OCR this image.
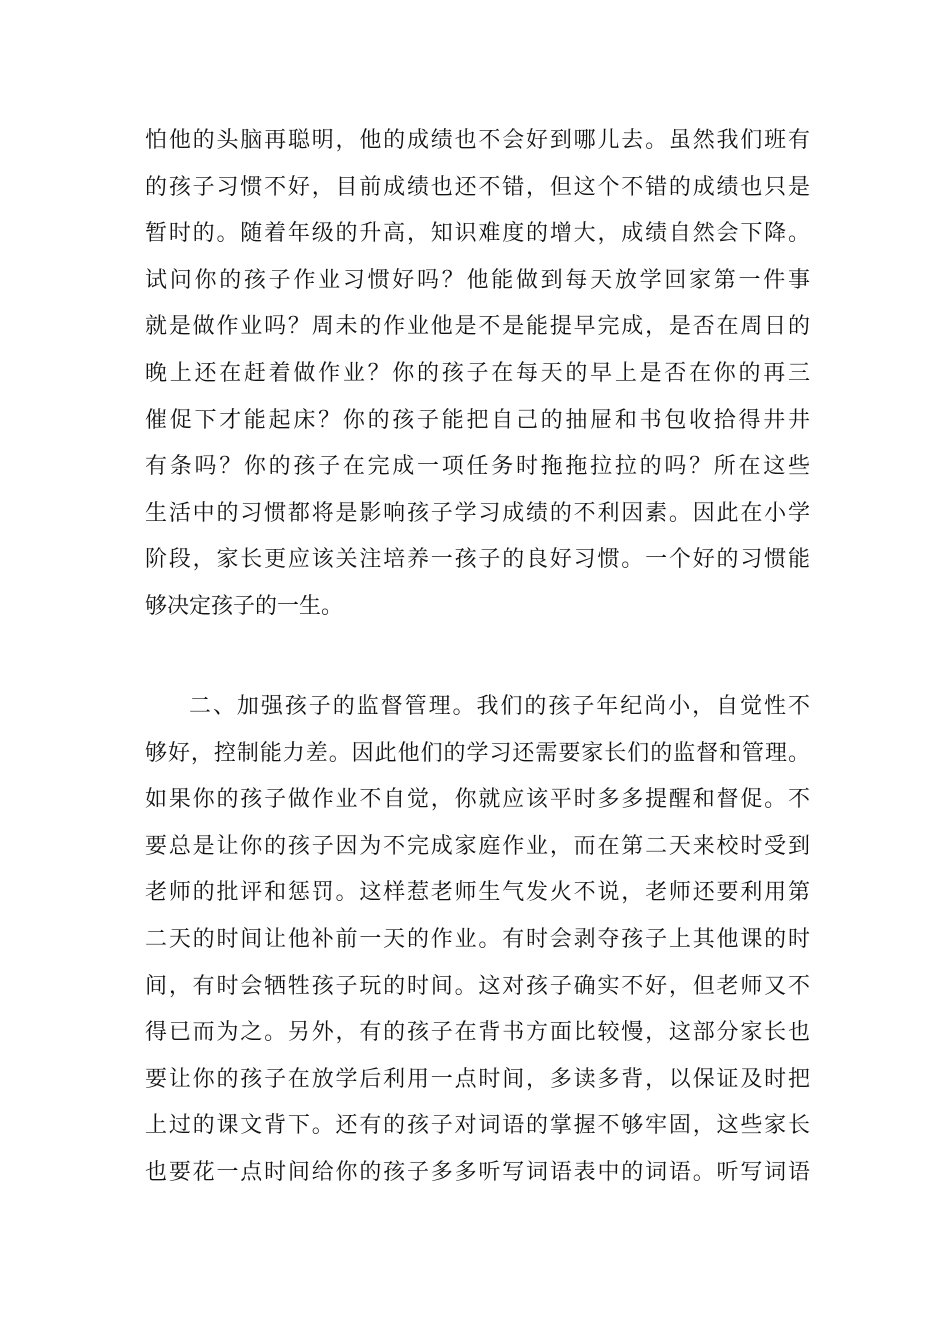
怕他的头脑再聪明，他的成绩也不会好到哪儿去。虽然我们班有
的孩子习惯不好，目前成绩也还不错，但这个不错的成绩也只是
暂时的。随着年级的升高，知识难度的增大，成绩自然会下降。
试问你的孩子作业习惯好吗？他能做到每天放学回家第一件事
就是做作业吗？周未的作业他是不是能提早完成，是否在周日的
晚上还在赶着做作业？你的孩子在每天的早上是否在你的再三
催促下才能起床？你的孩子能把自己的抽屉和书包收拾得井井
有条吗？你的孩子在完成一项任务时拖拖拉拉的吗？所在这些
生活中的习惯都将是影响孩子学习成绩的不利因素。因此在小学
阶段，家长更应该关注培养一孩子的良好习惯。一个好的习惯能
够决定孩子的一生。
二、加强孩子的监督管理。我们的孩子年纪尚小，自觉性不
够好，控制能力差。因此他们的学习还需要家长们的监督和管理。
如果你的孩子做作业不自觉，你就应该平时多多提醒和督促。不
要总是让你的孩子因为不完成家庭作业，而在第二天来校时受到
老师的批评和惩罚。这样惹老师生气发火不说，老师还要利用第
二天的时间让他补前一天的作业。有时会剥夺孩子上其他课的时
间，有时会牺牲孩子玩的时间。这对孩子确实不好，但老师又不
得已而为之。另外，有的孩子在背书方面比较慢，这部分家长也
要让你的孩子在放学后利用一点时间，多读多背，以保证及时把
上过的课文背下。还有的孩子对词语的掌握不够牢固，这些家长
也要花一点时间给你的孩子多多听写词语表中的词语。听写词语
